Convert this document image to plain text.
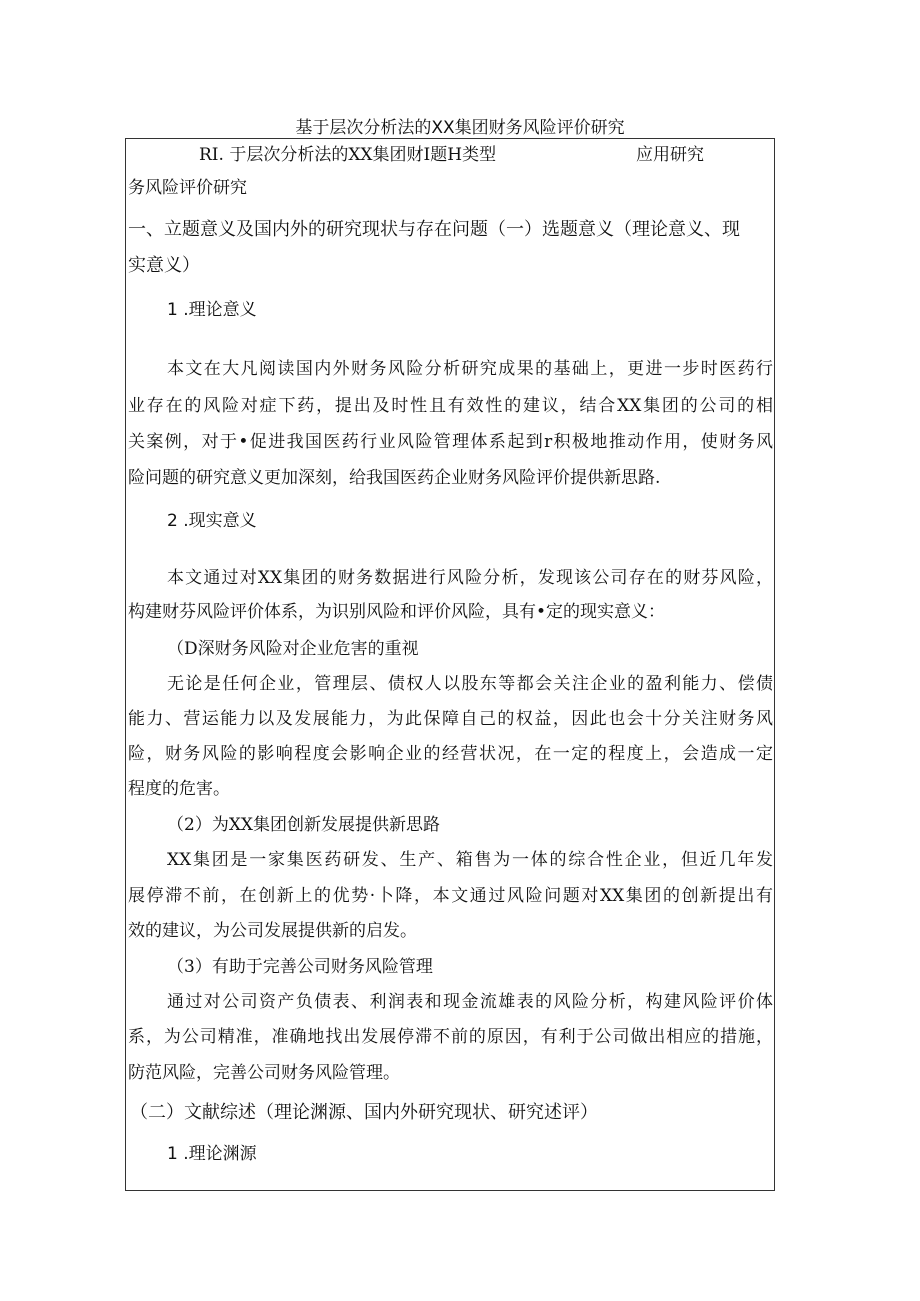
基于层次分析法的XX集团财务风险评价研究
RI. 于层次分析法的XX集团财I题H类型	应用研究
务风险评价研究
一、立题意义及国内外的研究现状与存在问题（一）选题意义（理论意义、现
实意义）
1 .理论意义
本文在大凡阅读国内外财务风险分析研究成果的基础上，更进一步时医药行
业存在的风险对症下药，提出及时性且有效性的建议，结合XX集团的公司的相
关案例，对于•促进我国医药行业风险管理体系起到r积极地推动作用，使财务风
险问题的研究意义更加深刻，给我国医药企业财务风险评价提供新思路.
2 .现实意义
本文通过对XX集团的财务数据进行风险分析，发现该公司存在的财芬风险，
构建财芬风险评价体系，为识别风险和评价风险，具有•定的现实意义：
（D深财务风险对企业危害的重视
无论是任何企业，管理层、债权人以股东等都会关注企业的盈利能力、偿债
能力、营运能力以及发展能力，为此保障自己的权益，因此也会十分关注财务风
险，财务风险的影响程度会影响企业的经营状况，在一定的程度上，会造成一定
程度的危害。
（2）为XX集团创新发展提供新思路
XX集团是一家集医药研发、生产、箱售为一体的综合性企业，但近几年发
展停滞不前，在创新上的优势·卜降，本文通过风险问题对XX集团的创新提出有
效的建议，为公司发展提供新的启发。
（3）有助于完善公司财务风险管理
通过对公司资产负债表、利润表和现金流雄表的风险分析，构建风险评价体
系，为公司精准，准确地找出发展停滞不前的原因，有利于公司做出相应的措施，
防范风险，完善公司财务风险管理。
（二）文献综述（理论渊源、国内外研究现状、研究述评）
1 .理论渊源
